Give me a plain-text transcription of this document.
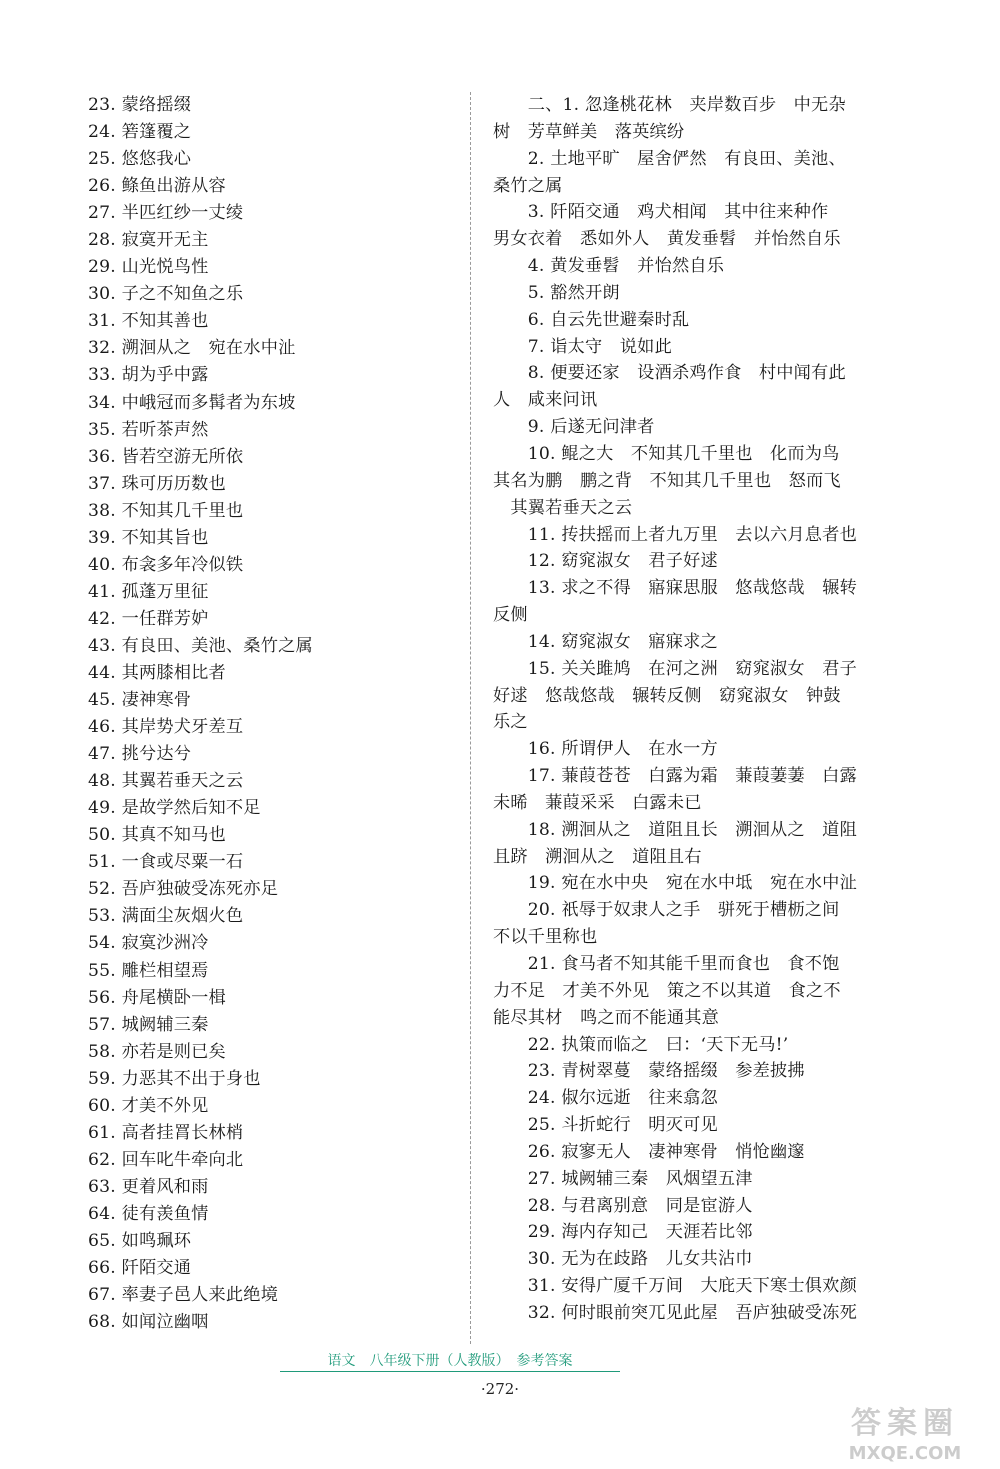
23. 蒙络摇缀
24. 箬篷覆之
25. 悠悠我心
26. 鲦鱼出游从容
27. 半匹红纱一丈绫
28. 寂寞开无主
29. 山光悦鸟性
30. 子之不知鱼之乐
31. 不知其善也
32. 溯洄从之　宛在水中沚
33. 胡为乎中露
34. 中峨冠而多髯者为东坡
35. 若听茶声然
36. 皆若空游无所依
37. 珠可历历数也
38. 不知其几千里也
39. 不知其旨也
40. 布衾多年冷似铁
41. 孤蓬万里征
42. 一任群芳妒
43. 有良田、美池、桑竹之属
44. 其两膝相比者
45. 凄神寒骨
46. 其岸势犬牙差互
47. 挑兮达兮
48. 其翼若垂天之云
49. 是故学然后知不足
50. 其真不知马也
51. 一食或尽粟一石
52. 吾庐独破受冻死亦足
53. 满面尘灰烟火色
54. 寂寞沙洲冷
55. 雕栏相望焉
56. 舟尾横卧一楫
57. 城阙辅三秦
58. 亦若是则已矣
59. 力恶其不出于身也
60. 才美不外见
61. 高者挂罥长林梢
62. 回车叱牛牵向北
63. 更着风和雨
64. 徒有羡鱼情
65. 如鸣珮环
66. 阡陌交通
67. 率妻子邑人来此绝境
68. 如闻泣幽咽
　　二、1. 忽逢桃花林　夹岸数百步　中无杂
树　芳草鲜美　落英缤纷
　　2. 土地平旷　屋舍俨然　有良田、美池、
桑竹之属
　　3. 阡陌交通　鸡犬相闻　其中往来种作
男女衣着　悉如外人　黄发垂髫　并怡然自乐
　　4. 黄发垂髫　并怡然自乐
　　5. 豁然开朗
　　6. 自云先世避秦时乱
　　7. 诣太守　说如此
　　8. 便要还家　设酒杀鸡作食　村中闻有此
人　咸来问讯
　　9. 后遂无问津者
　　10. 鲲之大　不知其几千里也　化而为鸟
其名为鹏　鹏之背　不知其几千里也　怒而飞
　其翼若垂天之云
　　11. 抟扶摇而上者九万里　去以六月息者也
　　12. 窈窕淑女　君子好逑
　　13. 求之不得　寤寐思服　悠哉悠哉　辗转
反侧
　　14. 窈窕淑女　寤寐求之
　　15. 关关雎鸠　在河之洲　窈窕淑女　君子
好逑　悠哉悠哉　辗转反侧　窈窕淑女　钟鼓
乐之
　　16. 所谓伊人　在水一方
　　17. 蒹葭苍苍　白露为霜　蒹葭萋萋　白露
未晞　蒹葭采采　白露未已
　　18. 溯洄从之　道阻且长　溯洄从之　道阻
且跻　溯洄从之　道阻且右
　　19. 宛在水中央　宛在水中坻　宛在水中沚
　　20. 祇辱于奴隶人之手　骈死于槽枥之间
不以千里称也
　　21. 食马者不知其能千里而食也　食不饱
力不足　才美不外见　策之不以其道　食之不
能尽其材　鸣之而不能通其意
　　22. 执策而临之　曰：‘天下无马!’
　　23. 青树翠蔓　蒙络摇缀　参差披拂
　　24. 俶尔远逝　往来翕忽
　　25. 斗折蛇行　明灭可见
　　26. 寂寥无人　凄神寒骨　悄怆幽邃
　　27. 城阙辅三秦　风烟望五津
　　28. 与君离别意　同是宦游人
　　29. 海内存知己　天涯若比邻
　　30. 无为在歧路　儿女共沾巾
　　31. 安得广厦千万间　大庇天下寒士俱欢颜
　　32. 何时眼前突兀见此屋　吾庐独破受冻死
语文　八年级下册（人教版）　参考答案
·272·
答案圈
MXQE.COM
